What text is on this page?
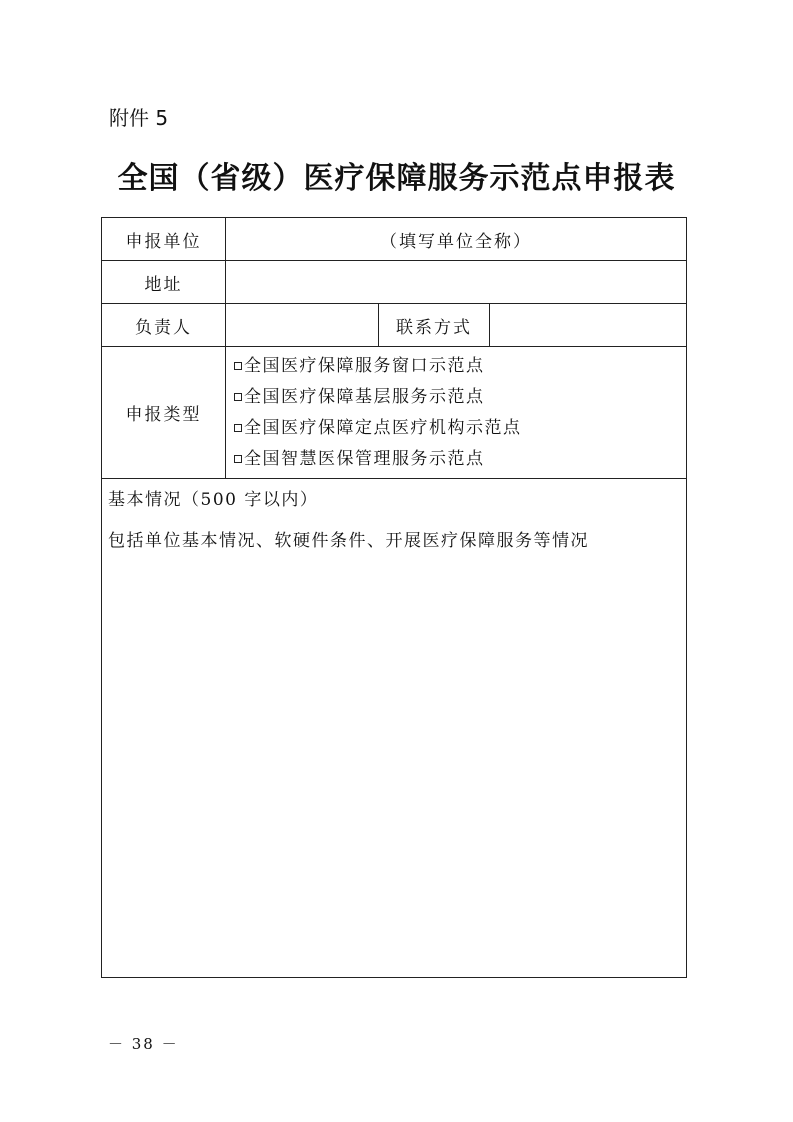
附件 5
全国（省级）医疗保障服务示范点申报表
申报单位	（填写单位全称）
地址
负责人	联系方式
申报类型
全国医疗保障服务窗口示范点
全国医疗保障基层服务示范点
全国医疗保障定点医疗机构示范点
全国智慧医保管理服务示范点
基本情况（500 字以内）
包括单位基本情况、软硬件条件、开展医疗保障服务等情况
－ 38 －
